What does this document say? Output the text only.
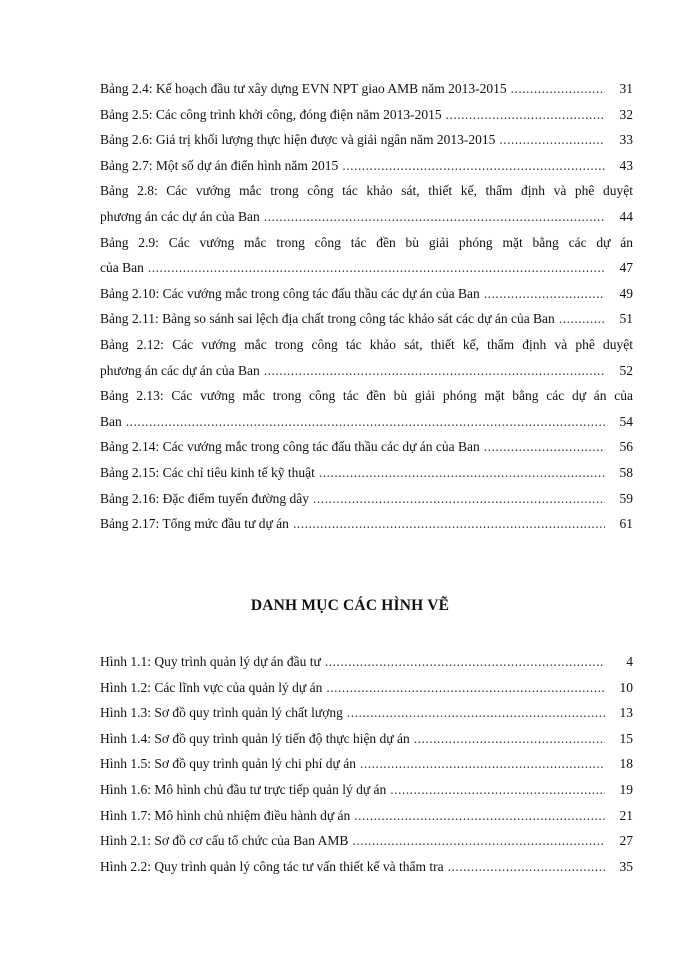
Bảng 2.4: Kế hoạch đầu tư xây dựng EVN NPT giao AMB năm 2013-2015 .....	31
Bảng 2.5: Các công trình khởi công, đóng điện năm 2013-2015 .....	32
Bảng 2.6: Giá trị khối lượng thực hiện được và giải ngân năm 2013-2015 .....	33
Bảng 2.7: Một số dự án điển hình năm 2015 .....	43
Bảng 2.8: Các vướng mắc trong công tác khảo sát, thiết kế, thẩm định và phê duyệt
phương án các dự án của Ban .....	44
Bảng 2.9: Các vướng mắc trong công tác đền bù giải phóng mặt bằng các dự án
của Ban .....	47
Bảng 2.10: Các vướng mắc trong công tác đấu thầu các dự án của Ban .....	49
Bảng 2.11: Bảng so sánh sai lệch địa chất trong công tác khảo sát các dự án của Ban .....	51
Bảng 2.12: Các vướng mắc trong công tác khảo sát, thiết kế, thẩm định và phê duyệt
phương án các dự án của Ban .....	52
Bảng 2.13: Các vướng mắc trong công tác đền bù giải phóng mặt bằng các dự án của
Ban .....	54
Bảng 2.14: Các vướng mắc trong công tác đấu thầu các dự án của Ban .....	56
Bảng 2.15: Các chỉ tiêu kinh tế kỹ thuật .....	58
Bảng 2.16: Đặc điểm tuyến đường dây .....	59
Bảng 2.17: Tổng mức đầu tư dự án .....	61
DANH MỤC CÁC HÌNH VẼ
Hình 1.1: Quy trình quản lý dự án đầu tư .....	4
Hình 1.2: Các lĩnh vực của quản lý dự án .....	10
Hình 1.3: Sơ đồ quy trình quản lý chất lượng .....	13
Hình 1.4: Sơ đồ quy trình quản lý tiến độ thực hiện dự án .....	15
Hình 1.5: Sơ đồ quy trình quản lý chi phí dự án .....	18
Hình 1.6: Mô hình chủ đầu tư trực tiếp quản lý dự án .....	19
Hình 1.7: Mô hình chủ nhiệm điều hành dự án .....	21
Hình 2.1: Sơ đồ cơ cấu tổ chức của Ban AMB .....	27
Hình 2.2: Quy trình quản lý công tác tư vấn thiết kế và thẩm tra .....	35
